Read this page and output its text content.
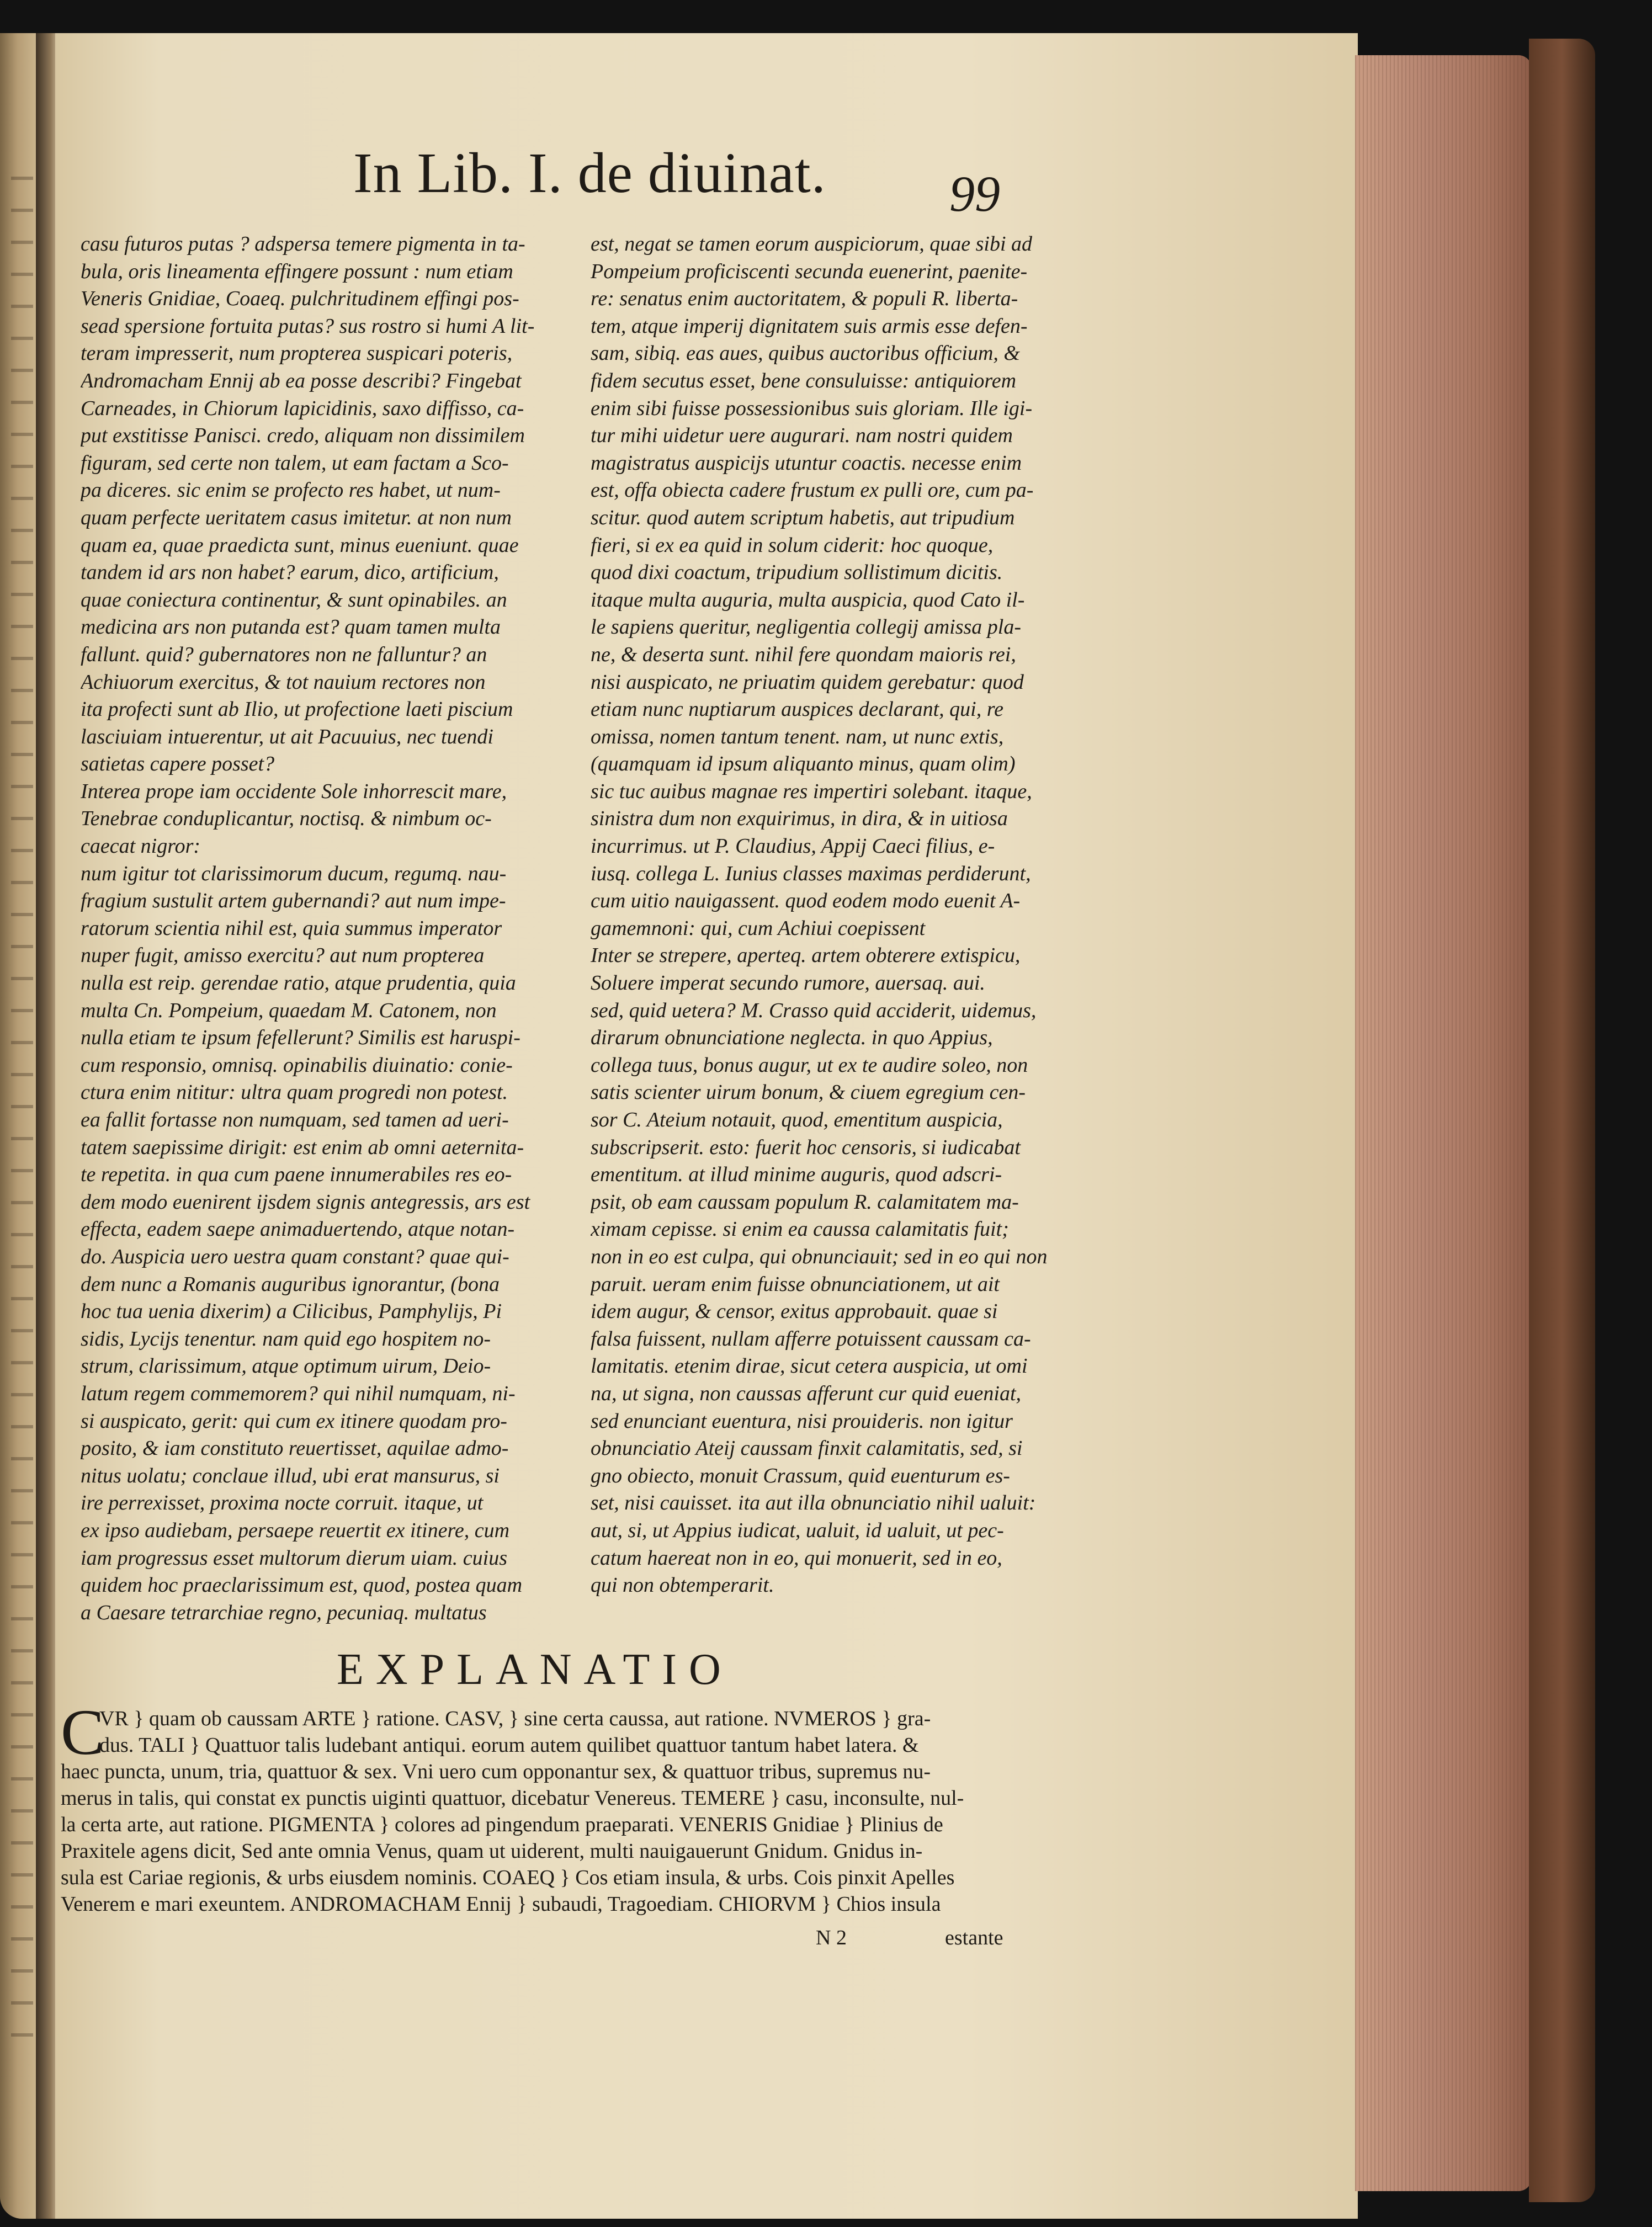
In Lib. I. de diuinat. 99
casu futuros putas ? adspersa temere pigmenta in ta-
bula, oris lineamenta effingere possunt : num etiam
Veneris Gnidiae, Coaeq. pulchritudinem effingi pos-
sead spersione fortuita putas? sus rostro si humi A lit-
teram impresserit, num propterea suspicari poteris,
Andromacham Ennij ab ea posse describi? Fingebat
Carneades, in Chiorum lapicidinis, saxo diffisso, ca-
put exstitisse Panisci. credo, aliquam non dissimilem
figuram, sed certe non talem, ut eam factam a Sco-
pa diceres. sic enim se profecto res habet, ut num-
quam perfecte ueritatem casus imitetur. at non num
quam ea, quae praedicta sunt, minus eueniunt. quae
tandem id ars non habet? earum, dico, artificium,
quae coniectura continentur, & sunt opinabiles. an
medicina ars non putanda est? quam tamen multa
fallunt. quid? gubernatores non ne falluntur? an
Achiuorum exercitus, & tot nauium rectores non
ita profecti sunt ab Ilio, ut profectione laeti piscium
lasciuiam intuerentur, ut ait Pacuuius, nec tuendi
satietas capere posset?
Interea prope iam occidente Sole inhorrescit mare,
Tenebrae conduplicantur, noctisq. & nimbum oc-
caecat nigror:
num igitur tot clarissimorum ducum, regumq. nau-
fragium sustulit artem gubernandi? aut num impe-
ratorum scientia nihil est, quia summus imperator
nuper fugit, amisso exercitu? aut num propterea
nulla est reip. gerendae ratio, atque prudentia, quia
multa Cn. Pompeium, quaedam M. Catonem, non
nulla etiam te ipsum fefellerunt? Similis est haruspi-
cum responsio, omnisq. opinabilis diuinatio: conie-
ctura enim nititur: ultra quam progredi non potest.
ea fallit fortasse non numquam, sed tamen ad ueri-
tatem saepissime dirigit: est enim ab omni aeternita-
te repetita. in qua cum paene innumerabiles res eo-
dem modo euenirent ijsdem signis antegressis, ars est
effecta, eadem saepe animaduertendo, atque notan-
do. Auspicia uero uestra quam constant? quae qui-
dem nunc a Romanis auguribus ignorantur, (bona
hoc tua uenia dixerim) a Cilicibus, Pamphylijs, Pi
sidis, Lycijs tenentur. nam quid ego hospitem no-
strum, clarissimum, atque optimum uirum, Deio-
latum regem commemorem? qui nihil numquam, ni-
si auspicato, gerit: qui cum ex itinere quodam pro-
posito, & iam constituto reuertisset, aquilae admo-
nitus uolatu; conclaue illud, ubi erat mansurus, si
ire perrexisset, proxima nocte corruit. itaque, ut
ex ipso audiebam, persaepe reuertit ex itinere, cum
iam progressus esset multorum dierum uiam. cuius
quidem hoc praeclarissimum est, quod, postea quam
a Caesare tetrarchiae regno, pecuniaq. multatus
est, negat se tamen eorum auspiciorum, quae sibi ad
Pompeium proficiscenti secunda euenerint, paenite-
re: senatus enim auctoritatem, & populi R. liberta-
tem, atque imperij dignitatem suis armis esse defen-
sam, sibiq. eas aues, quibus auctoribus officium, &
fidem secutus esset, bene consuluisse: antiquiorem
enim sibi fuisse possessionibus suis gloriam. Ille igi-
tur mihi uidetur uere augurari. nam nostri quidem
magistratus auspicijs utuntur coactis. necesse enim
est, offa obiecta cadere frustum ex pulli ore, cum pa-
scitur. quod autem scriptum habetis, aut tripudium
fieri, si ex ea quid in solum ciderit: hoc quoque,
quod dixi coactum, tripudium sollistimum dicitis.
itaque multa auguria, multa auspicia, quod Cato il-
le sapiens queritur, negligentia collegij amissa pla-
ne, & deserta sunt. nihil fere quondam maioris rei,
nisi auspicato, ne priuatim quidem gerebatur: quod
etiam nunc nuptiarum auspices declarant, qui, re
omissa, nomen tantum tenent. nam, ut nunc extis,
(quamquam id ipsum aliquanto minus, quam olim)
sic tuc auibus magnae res impertiri solebant. itaque,
sinistra dum non exquirimus, in dira, & in uitiosa
incurrimus. ut P. Claudius, Appij Caeci filius, e-
iusq. collega L. Iunius classes maximas perdiderunt,
cum uitio nauigassent. quod eodem modo euenit A-
gamemnoni: qui, cum Achiui coepissent
Inter se strepere, aperteq. artem obterere extispicu,
Soluere imperat secundo rumore, auersaq. aui.
sed, quid uetera? M. Crasso quid acciderit, uidemus,
dirarum obnunciatione neglecta. in quo Appius,
collega tuus, bonus augur, ut ex te audire soleo, non
satis scienter uirum bonum, & ciuem egregium cen-
sor C. Ateium notauit, quod, ementitum auspicia,
subscripserit. esto: fuerit hoc censoris, si iudicabat
ementitum. at illud minime auguris, quod adscri-
psit, ob eam caussam populum R. calamitatem ma-
ximam cepisse. si enim ea caussa calamitatis fuit;
non in eo est culpa, qui obnunciauit; sed in eo qui non
paruit. ueram enim fuisse obnunciationem, ut ait
idem augur, & censor, exitus approbauit. quae si
falsa fuissent, nullam afferre potuissent caussam ca-
lamitatis. etenim dirae, sicut cetera auspicia, ut omi
na, ut signa, non caussas afferunt cur quid eueniat,
sed enunciant euentura, nisi prouideris. non igitur
obnunciatio Ateij caussam finxit calamitatis, sed, si
gno obiecto, monuit Crassum, quid euenturum es-
set, nisi cauisset. ita aut illa obnunciatio nihil ualuit:
aut, si, ut Appius iudicat, ualuit, id ualuit, ut pec-
catum haereat non in eo, qui monuerit, sed in eo,
qui non obtemperarit.
EXPLANATIO
C
VR } quam ob caussam ARTE } ratione. CASV, } sine certa caussa, aut ratione. NVMEROS } gra-
dus. TALI } Quattuor talis ludebant antiqui. eorum autem quilibet quattuor tantum habet latera. &
haec puncta, unum, tria, quattuor & sex. Vni uero cum opponantur sex, & quattuor tribus, supremus nu-
merus in talis, qui constat ex punctis uiginti quattuor, dicebatur Venereus. TEMERE } casu, inconsulte, nul-
la certa arte, aut ratione. PIGMENTA } colores ad pingendum praeparati. VENERIS Gnidiae } Plinius de
Praxitele agens dicit, Sed ante omnia Venus, quam ut uiderent, multi nauigauerunt Gnidum. Gnidus in-
sula est Cariae regionis, & urbs eiusdem nominis. COAEQ } Cos etiam insula, & urbs. Cois pinxit Apelles
Venerem e mari exeuntem. ANDROMACHAM Ennij } subaudi, Tragoediam. CHIORVM } Chios insula
N 2	estante
